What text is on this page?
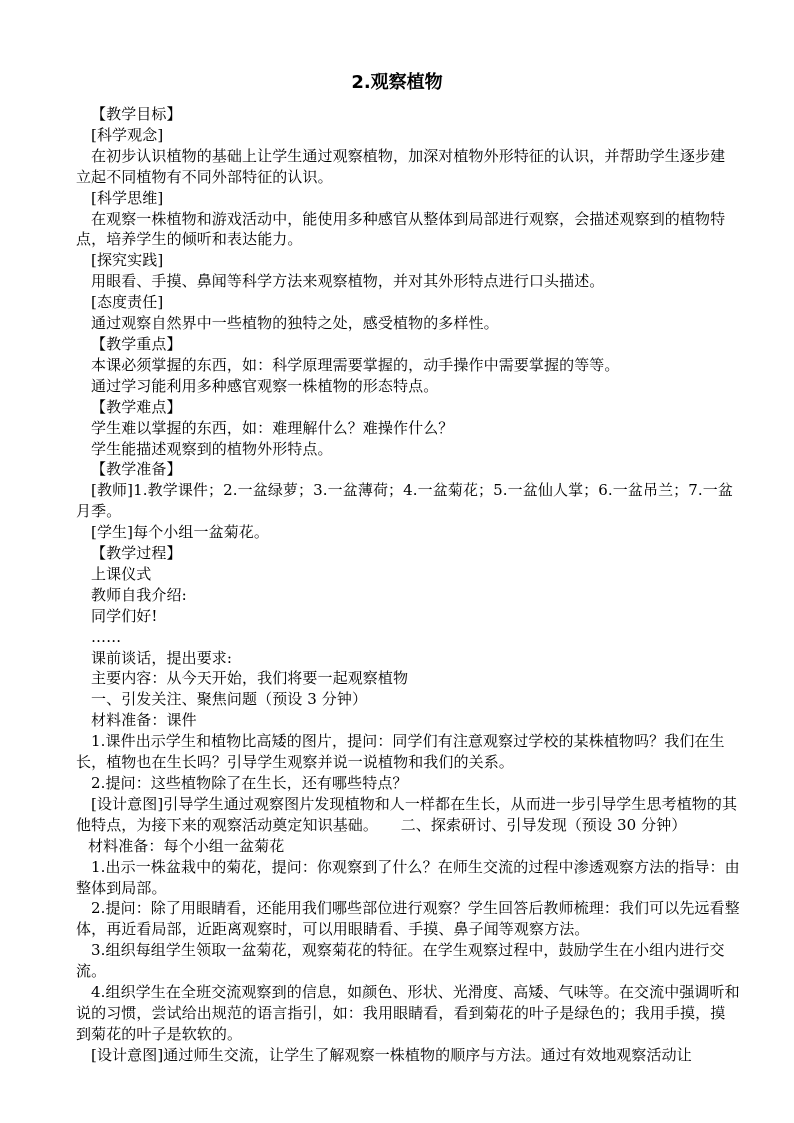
2.观察植物

【教学目标】

[科学观念]

在初步认识植物的基础上让学生通过观察植物，加深对植物外形特征的认识，并帮助学生逐步建立起不同植物有不同外部特征的认识。

[科学思维]

在观察一株植物和游戏活动中，能使用多种感官从整体到局部进行观察，会描述观察到的植物特点，培养学生的倾听和表达能力。

[探究实践]

用眼看、手摸、鼻闻等科学方法来观察植物，并对其外形特点进行口头描述。

[态度责任]

通过观察自然界中一些植物的独特之处，感受植物的多样性。

【教学重点】

本课必须掌握的东西，如：科学原理需要掌握的，动手操作中需要掌握的等等。

通过学习能利用多种感官观察一株植物的形态特点。

【教学难点】

学生难以掌握的东西，如：难理解什么？难操作什么？

学生能描述观察到的植物外形特点。

【教学准备】

[教师]1.教学课件；2.一盆绿萝；3.一盆薄荷；4.一盆菊花；5.一盆仙人掌；6.一盆吊兰；7.一盆月季。

[学生]每个小组一盆菊花。

【教学过程】

上课仪式

教师自我介绍:

同学们好!

……

课前谈话，提出要求:

主要内容：从今天开始，我们将要一起观察植物

一、引发关注、聚焦问题（预设 3 分钟）

材料准备：课件

1.课件出示学生和植物比高矮的图片，提问：同学们有注意观察过学校的某株植物吗？我们在生长，植物也在生长吗？引导学生观察并说一说植物和我们的关系。

2.提问：这些植物除了在生长，还有哪些特点？

[设计意图]引导学生通过观察图片发现植物和人一样都在生长，从而进一步引导学生思考植物的其他特点，为接下来的观察活动奠定知识基础。　　二、探索研讨、引导发现（预设 30 分钟）

材料准备：每个小组一盆菊花

1.出示一株盆栽中的菊花，提问：你观察到了什么？在师生交流的过程中渗透观察方法的指导：由整体到局部。

2.提问：除了用眼睛看，还能用我们哪些部位进行观察？学生回答后教师梳理：我们可以先远看整体，再近看局部，近距离观察时，可以用眼睛看、手摸、鼻子闻等观察方法。

3.组织每组学生领取一盆菊花，观察菊花的特征。在学生观察过程中，鼓励学生在小组内进行交流。

4.组织学生在全班交流观察到的信息，如颜色、形状、光滑度、高矮、气味等。在交流中强调听和说的习惯，尝试给出规范的语言指引，如：我用眼睛看，看到菊花的叶子是绿色的；我用手摸，摸到菊花的叶子是软软的。

[设计意图]通过师生交流，让学生了解观察一株植物的顺序与方法。通过有效地观察活动让
